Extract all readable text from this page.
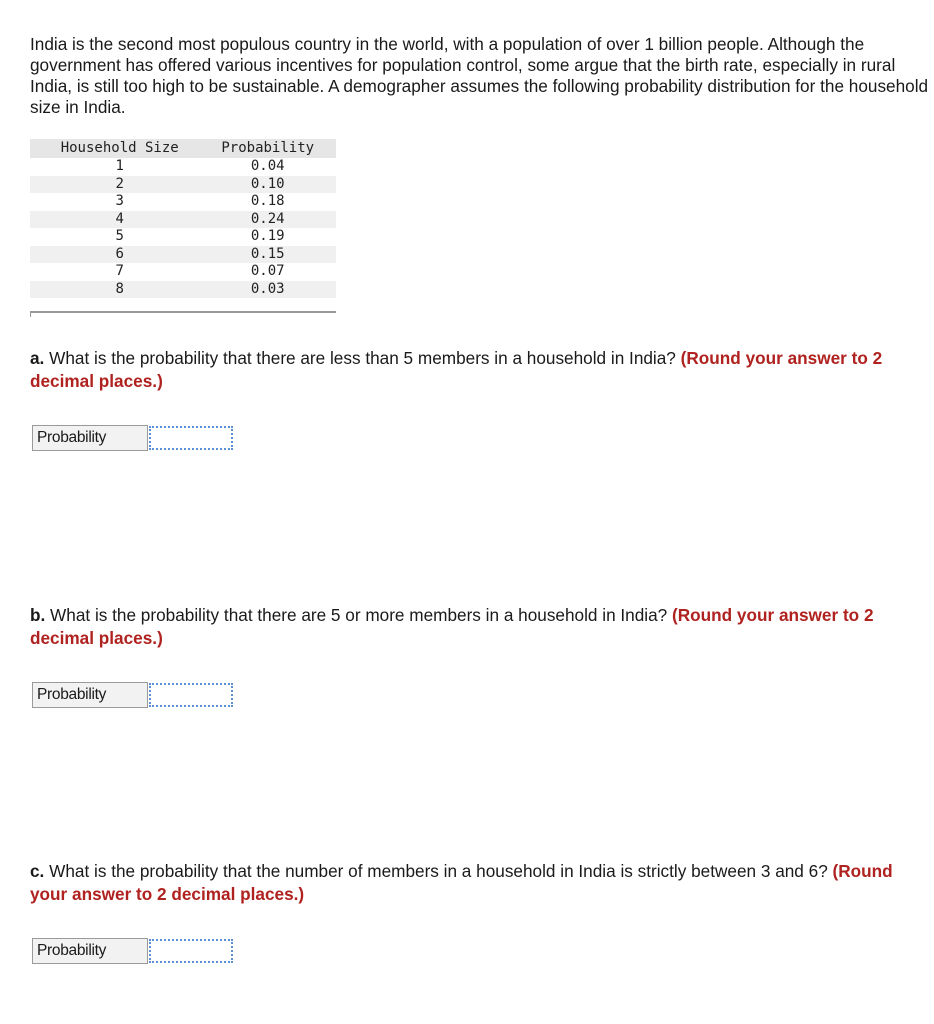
India is the second most populous country in the world, with a population of over 1 billion people. Although the government has offered various incentives for population control, some argue that the birth rate, especially in rural India, is still too high to be sustainable. A demographer assumes the following probability distribution for the household size in India.

Household Size	Probability
1	0.04
2	0.10
3	0.18
4	0.24
5	0.19
6	0.15
7	0.07
8	0.03

a. What is the probability that there are less than 5 members in a household in India? (Round your answer to 2 decimal places.)

Probability

b. What is the probability that there are 5 or more members in a household in India? (Round your answer to 2 decimal places.)

Probability

c. What is the probability that the number of members in a household in India is strictly between 3 and 6? (Round your answer to 2 decimal places.)

Probability
